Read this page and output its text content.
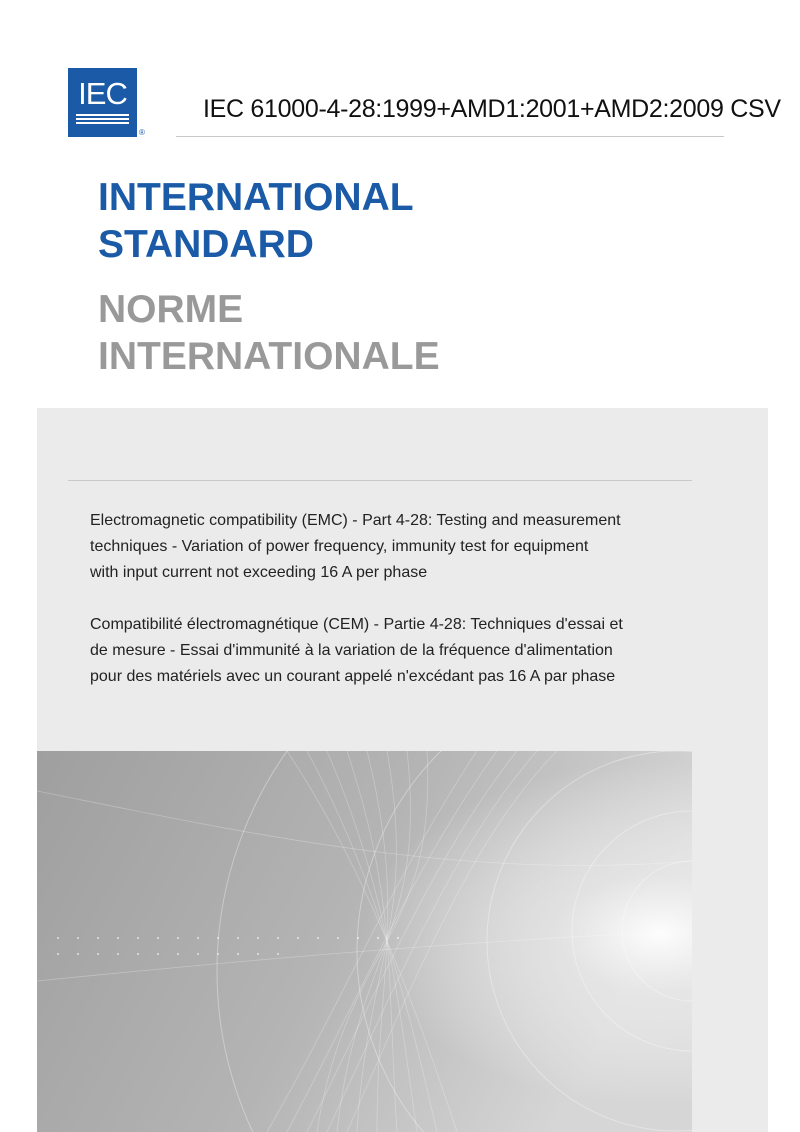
IEC
®
IEC 61000-4-28:1999+AMD1:2001+AMD2:2009 CSV
INTERNATIONAL
STANDARD
NORME
INTERNATIONALE
Electromagnetic compatibility (EMC) - Part 4-28: Testing and measurement
techniques - Variation of power frequency, immunity test for equipment
with input current not exceeding 16 A per phase
Compatibilité électromagnétique (CEM) - Partie 4-28: Techniques d'essai et
de mesure - Essai d'immunité à la variation de la fréquence d'alimentation
pour des matériels avec un courant appelé n'excédant pas 16 A par phase
